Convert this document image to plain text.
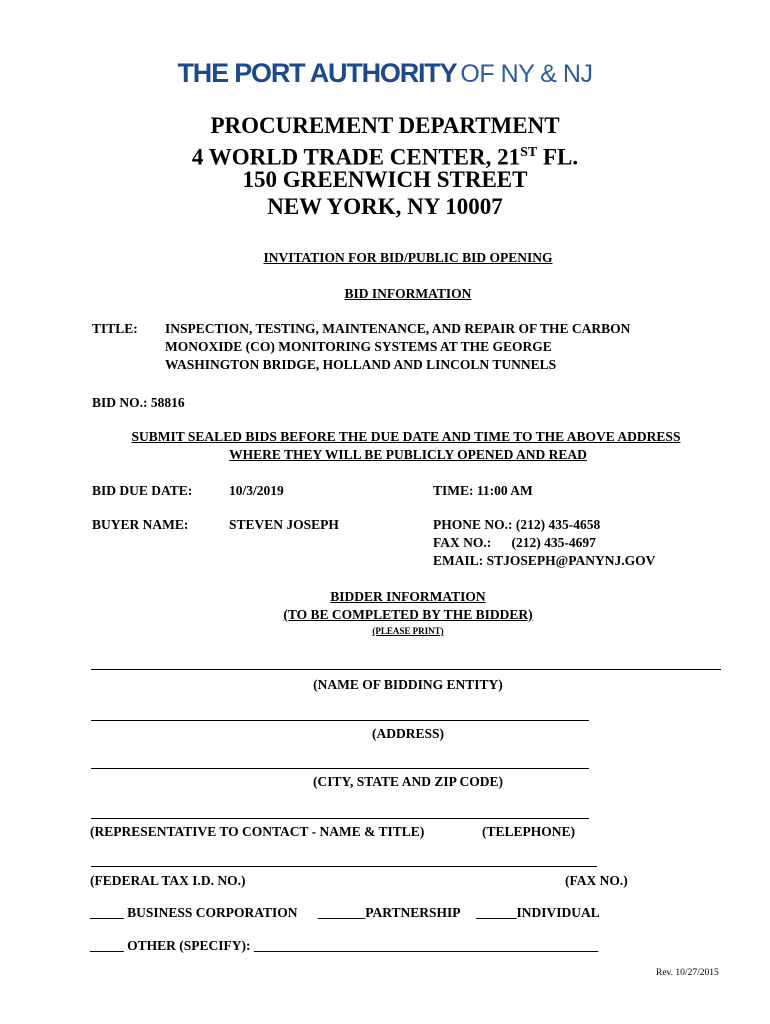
THE PORT AUTHORITY OF NY & NJ
PROCUREMENT DEPARTMENT
4 WORLD TRADE CENTER, 21ST FL.
150 GREENWICH STREET
NEW YORK, NY 10007
INVITATION FOR BID/PUBLIC BID OPENING
BID INFORMATION
TITLE: INSPECTION, TESTING, MAINTENANCE, AND REPAIR OF THE CARBON
MONOXIDE (CO) MONITORING SYSTEMS AT THE GEORGE
WASHINGTON BRIDGE, HOLLAND AND LINCOLN TUNNELS
BID NO.: 58816
SUBMIT SEALED BIDS BEFORE THE DUE DATE AND TIME TO THE ABOVE ADDRESS
WHERE THEY WILL BE PUBLICLY OPENED AND READ
BID DUE DATE:	10/3/2019	TIME: 11:00 AM
BUYER NAME:	STEVEN JOSEPH	PHONE NO.: (212) 435-4658
FAX NO.:      (212) 435-4697
EMAIL: STJOSEPH@PANYNJ.GOV
BIDDER INFORMATION
(TO BE COMPLETED BY THE BIDDER)
(PLEASE PRINT)
(NAME OF BIDDING ENTITY)
(ADDRESS)
(CITY, STATE AND ZIP CODE)
(REPRESENTATIVE TO CONTACT - NAME & TITLE)	(TELEPHONE)
(FEDERAL TAX I.D. NO.)	(FAX NO.)
_____ BUSINESS CORPORATION _______PARTNERSHIP ______INDIVIDUAL
_____ OTHER (SPECIFY): ___________________________________________________
Rev. 10/27/2015
